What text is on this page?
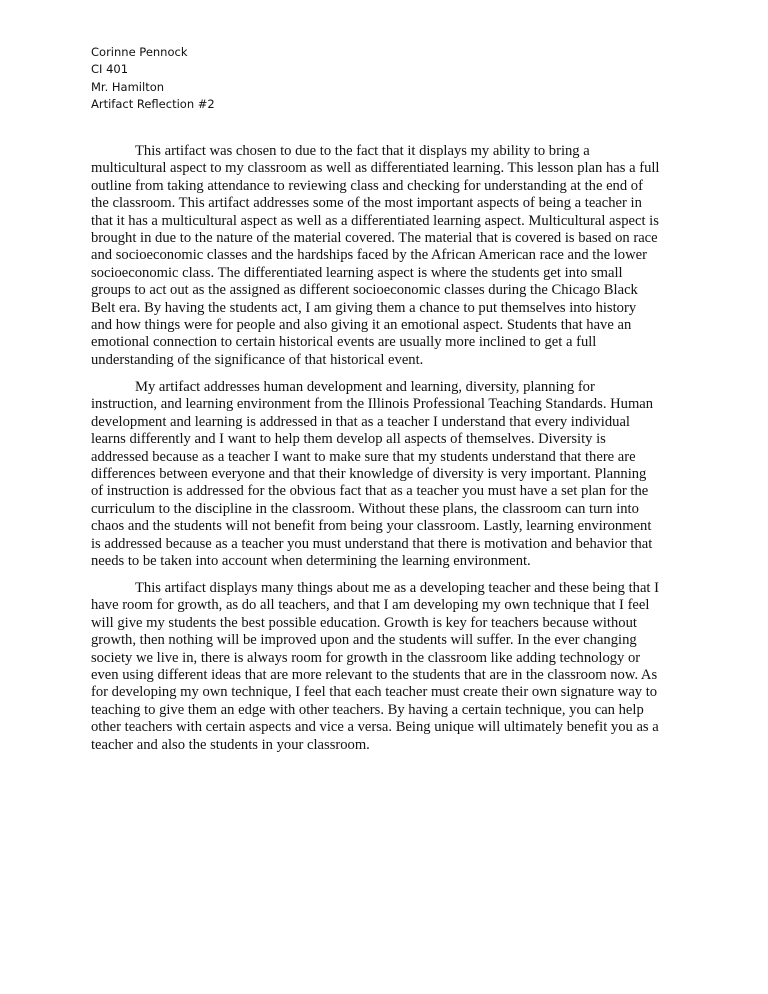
Corinne Pennock
CI 401
Mr. Hamilton
Artifact Reflection #2
This artifact was chosen to due to the fact that it displays my ability to bring a
multicultural aspect to my classroom as well as differentiated learning. This lesson plan has a full
outline from taking attendance to reviewing class and checking for understanding at the end of
the classroom. This artifact addresses some of the most important aspects of being a teacher in
that it has a multicultural aspect as well as a differentiated learning aspect. Multicultural aspect is
brought in due to the nature of the material covered. The material that is covered is based on race
and socioeconomic classes and the hardships faced by the African American race and the lower
socioeconomic class. The differentiated learning aspect is where the students get into small
groups to act out as the assigned as different socioeconomic classes during the Chicago Black
Belt era. By having the students act, I am giving them a chance to put themselves into history
and how things were for people and also giving it an emotional aspect. Students that have an
emotional connection to certain historical events are usually more inclined to get a full
understanding of the significance of that historical event.
My artifact addresses human development and learning, diversity, planning for
instruction, and learning environment from the Illinois Professional Teaching Standards. Human
development and learning is addressed in that as a teacher I understand that every individual
learns differently and I want to help them develop all aspects of themselves. Diversity is
addressed because as a teacher I want to make sure that my students understand that there are
differences between everyone and that their knowledge of diversity is very important. Planning
of instruction is addressed for the obvious fact that as a teacher you must have a set plan for the
curriculum to the discipline in the classroom. Without these plans, the classroom can turn into
chaos and the students will not benefit from being your classroom. Lastly, learning environment
is addressed because as a teacher you must understand that there is motivation and behavior that
needs to be taken into account when determining the learning environment.
This artifact displays many things about me as a developing teacher and these being that I
have room for growth, as do all teachers, and that I am developing my own technique that I feel
will give my students the best possible education. Growth is key for teachers because without
growth, then nothing will be improved upon and the students will suffer. In the ever changing
society we live in, there is always room for growth in the classroom like adding technology or
even using different ideas that are more relevant to the students that are in the classroom now. As
for developing my own technique, I feel that each teacher must create their own signature way to
teaching to give them an edge with other teachers. By having a certain technique, you can help
other teachers with certain aspects and vice a versa. Being unique will ultimately benefit you as a
teacher and also the students in your classroom.
